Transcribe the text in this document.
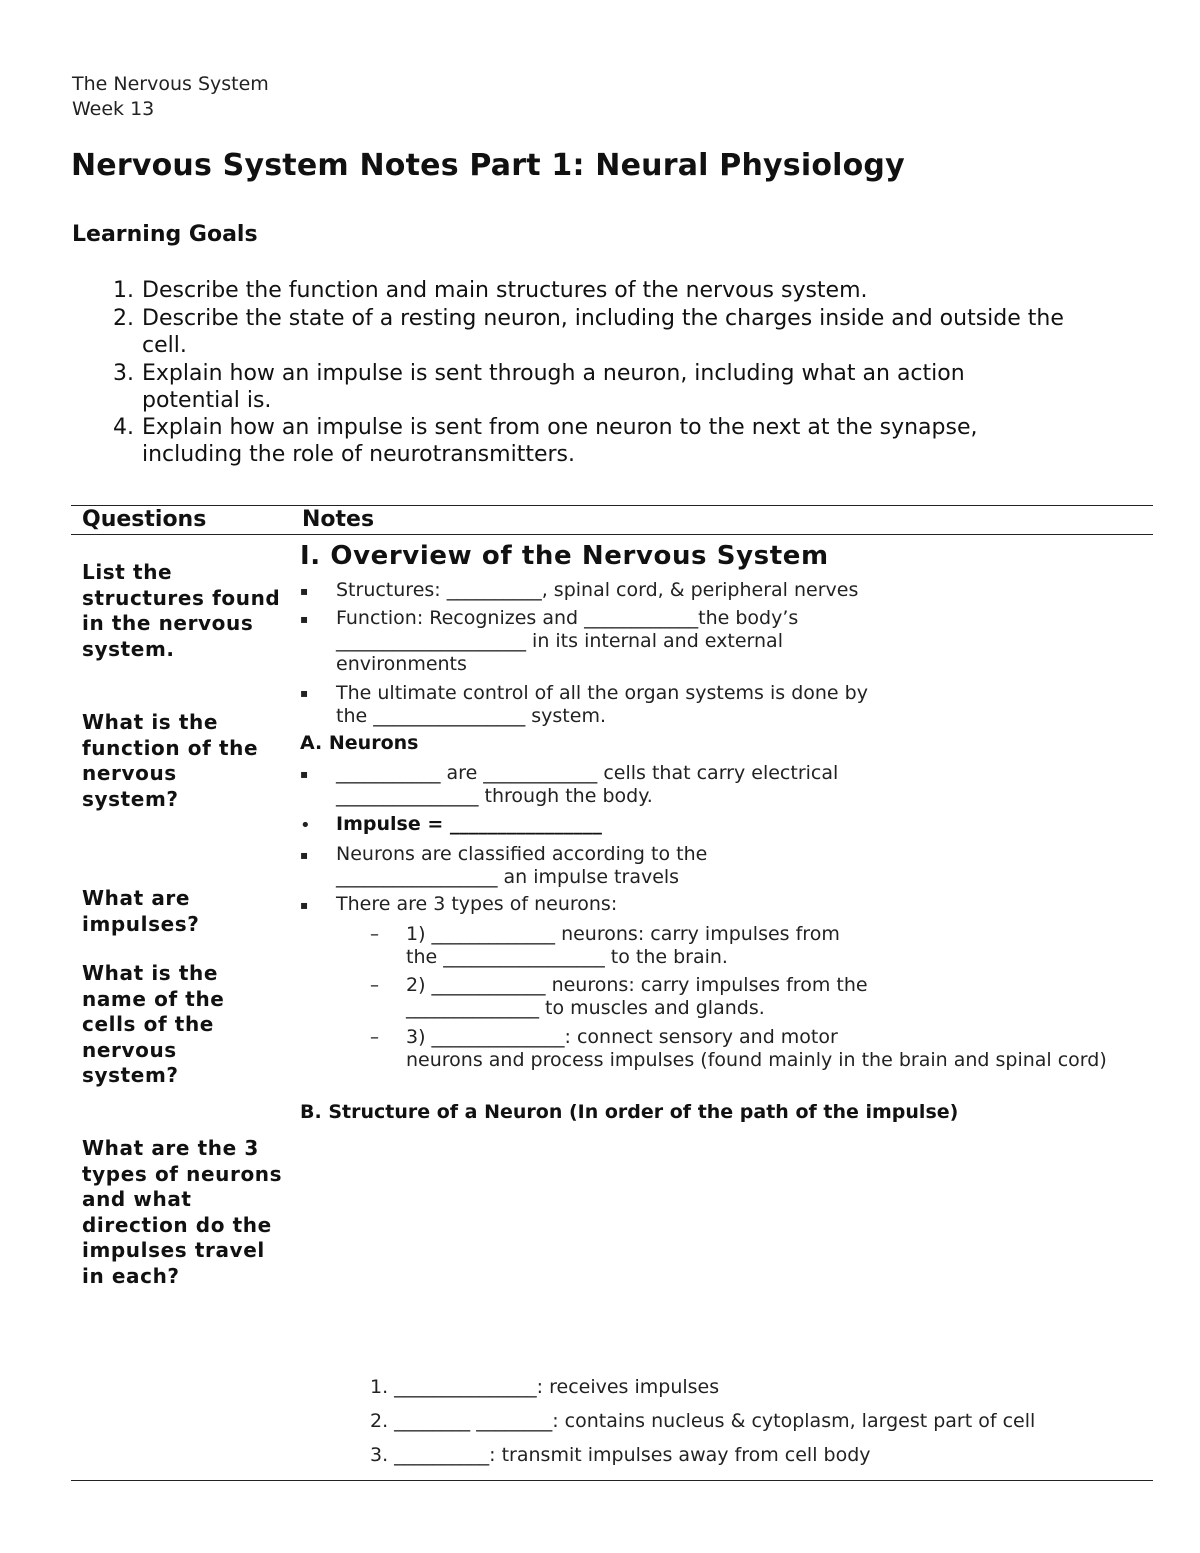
The Nervous System
Week 13
Nervous System Notes Part 1: Neural Physiology
Learning Goals
1. Describe the function and main structures of the nervous system.
2. Describe the state of a resting neuron, including the charges inside and outside the cell.
3. Explain how an impulse is sent through a neuron, including what an action potential is.
4. Explain how an impulse is sent from one neuron to the next at the synapse, including the role of neurotransmitters.
Questions	Notes
List the structures found in the nervous system.
What is the function of the nervous system?
What are impulses?
What is the name of the cells of the nervous system?
What are the 3 types of neurons and what direction do the impulses travel in each?
I. Overview of the Nervous System
▪ Structures: __________, spinal cord, & peripheral nerves
▪ Function: Recognizes and ____________the body’s
____________________ in its internal and external
environments
▪ The ultimate control of all the organ systems is done by
the ________________ system.
A. Neurons
▪ ___________ are ____________ cells that carry electrical
_______________ through the body.
• Impulse = ________________
▪ Neurons are classified according to the
_________________ an impulse travels
▪ There are 3 types of neurons:
– 1) _____________ neurons: carry impulses from
the _________________ to the brain.
– 2) ____________ neurons: carry impulses from the
______________ to muscles and glands.
– 3) ______________: connect sensory and motor
neurons and process impulses (found mainly in the brain and spinal cord)
B. Structure of a Neuron (In order of the path of the impulse)
1. _______________: receives impulses
2. ________ ________: contains nucleus & cytoplasm, largest part of cell
3. __________: transmit impulses away from cell body
